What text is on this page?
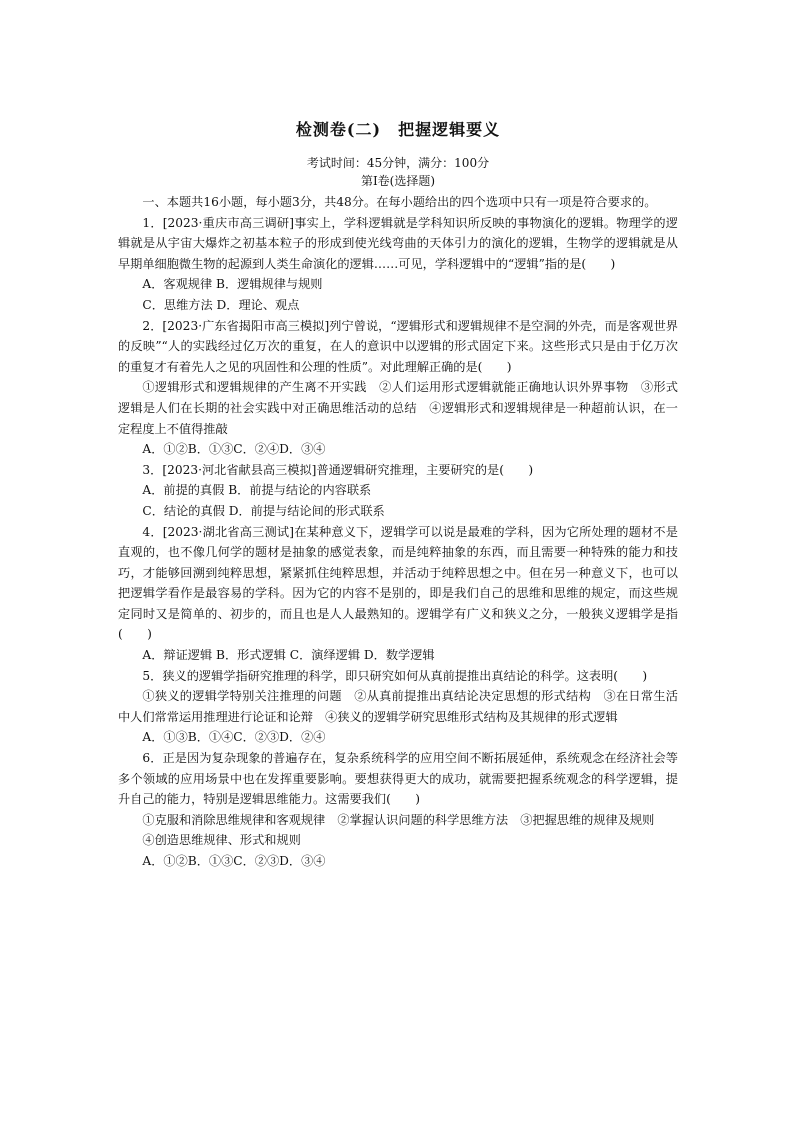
检测卷(二)　把握逻辑要义
考试时间：45分钟，满分：100分
第Ⅰ卷(选择题)

一、本题共16小题，每小题3分，共48分。在每小题给出的四个选项中只有一项是符合要求的。

1．[2023·重庆市高三调研]事实上，学科逻辑就是学科知识所反映的事物演化的逻辑。物理学的逻辑就是从宇宙大爆炸之初基本粒子的形成到使光线弯曲的天体引力的演化的逻辑，生物学的逻辑就是从早期单细胞微生物的起源到人类生命演化的逻辑……可见，学科逻辑中的“逻辑”指的是(　　)

A．客观规律 B．逻辑规律与规则

C．思维方法 D．理论、观点

2．[2023·广东省揭阳市高三模拟]列宁曾说，“逻辑形式和逻辑规律不是空洞的外壳，而是客观世界的反映”“人的实践经过亿万次的重复，在人的意识中以逻辑的形式固定下来。这些形式只是由于亿万次的重复才有着先人之见的巩固性和公理的性质”。对此理解正确的是(　　)

①逻辑形式和逻辑规律的产生离不开实践　②人们运用形式逻辑就能正确地认识外界事物　③形式逻辑是人们在长期的社会实践中对正确思维活动的总结　④逻辑形式和逻辑规律是一种超前认识，在一定程度上不值得推敲

A．①②B．①③C．②④D．③④

3．[2023·河北省献县高三模拟]普通逻辑研究推理，主要研究的是(　　)

A．前提的真假 B．前提与结论的内容联系

C．结论的真假 D．前提与结论间的形式联系

4．[2023·湖北省高三测试]在某种意义下，逻辑学可以说是最难的学科，因为它所处理的题材不是直观的，也不像几何学的题材是抽象的感觉表象，而是纯粹抽象的东西，而且需要一种特殊的能力和技巧，才能够回溯到纯粹思想，紧紧抓住纯粹思想，并活动于纯粹思想之中。但在另一种意义下，也可以把逻辑学看作是最容易的学科。因为它的内容不是别的，即是我们自己的思维和思维的规定，而这些规定同时又是简单的、初步的，而且也是人人最熟知的。逻辑学有广义和狭义之分，一般狭义逻辑学是指(　　)

A．辩证逻辑 B．形式逻辑 C．演绎逻辑 D．数学逻辑

5．狭义的逻辑学指研究推理的科学，即只研究如何从真前提推出真结论的科学。这表明(　　)

①狭义的逻辑学特别关注推理的问题　②从真前提推出真结论决定思想的形式结构　③在日常生活中人们常常运用推理进行论证和论辩　④狭义的逻辑学研究思维形式结构及其规律的形式逻辑

A．①③B．①④C．②③D．②④

6．正是因为复杂现象的普遍存在，复杂系统科学的应用空间不断拓展延伸，系统观念在经济社会等多个领域的应用场景中也在发挥重要影响。要想获得更大的成功，就需要把握系统观念的科学逻辑，提升自己的能力，特别是逻辑思维能力。这需要我们(　　)

①克服和消除思维规律和客观规律　②掌握认识问题的科学思维方法　③把握思维的规律及规则

④创造思维规律、形式和规则

A．①②B．①③C．②③D．③④
